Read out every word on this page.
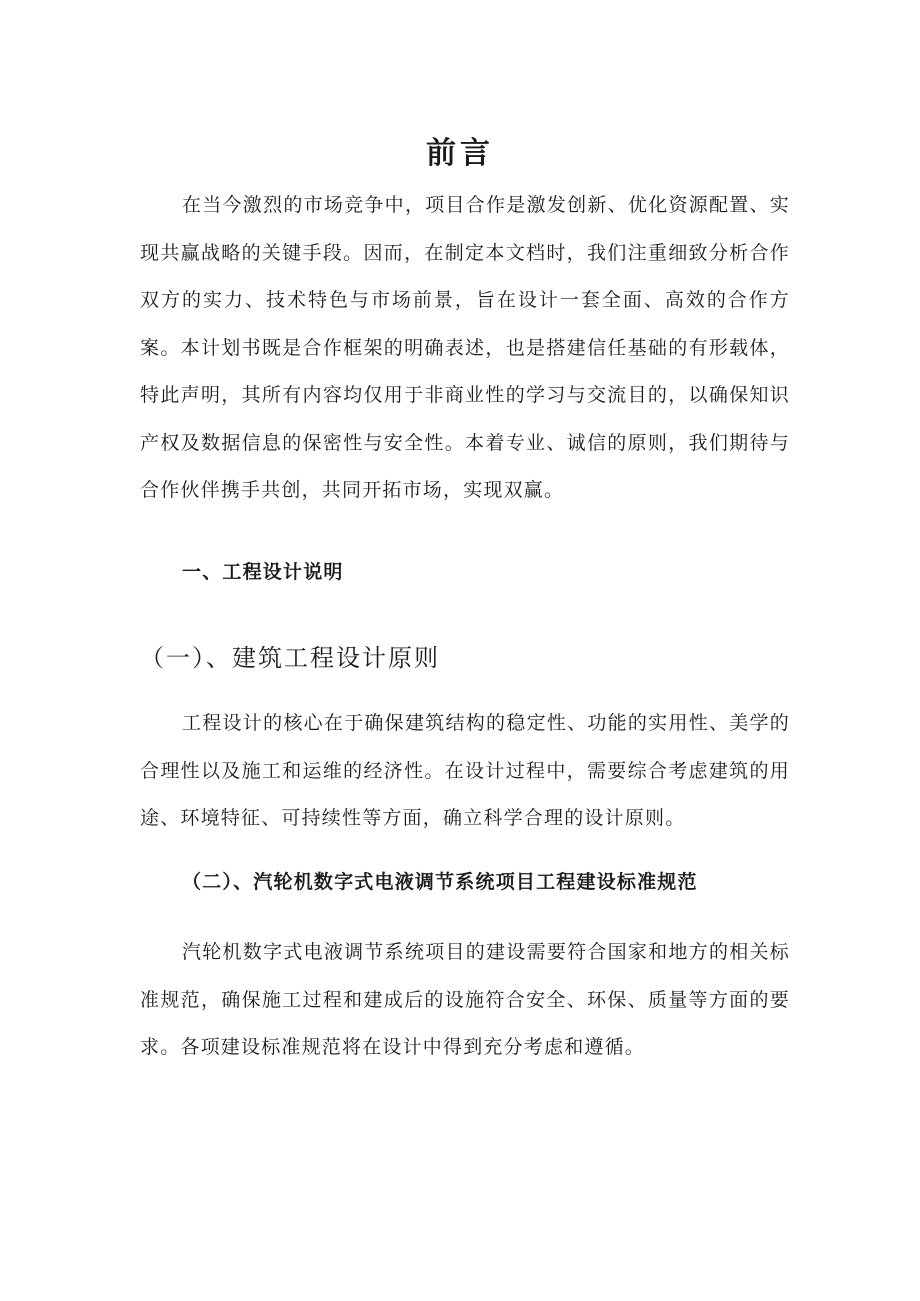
前言

在当今激烈的市场竞争中，项目合作是激发创新、优化资源配置、实现共赢战略的关键手段。因而，在制定本文档时，我们注重细致分析合作双方的实力、技术特色与市场前景，旨在设计一套全面、高效的合作方案。本计划书既是合作框架的明确表述，也是搭建信任基础的有形载体，特此声明，其所有内容均仅用于非商业性的学习与交流目的，以确保知识产权及数据信息的保密性与安全性。本着专业、诚信的原则，我们期待与合作伙伴携手共创，共同开拓市场，实现双赢。

一、工程设计说明
（一）、建筑工程设计原则

工程设计的核心在于确保建筑结构的稳定性、功能的实用性、美学的合理性以及施工和运维的经济性。在设计过程中，需要综合考虑建筑的用途、环境特征、可持续性等方面，确立科学合理的设计原则。

（二）、汽轮机数字式电液调节系统项目工程建设标准规范

汽轮机数字式电液调节系统项目的建设需要符合国家和地方的相关标准规范，确保施工过程和建成后的设施符合安全、环保、质量等方面的要求。各项建设标准规范将在设计中得到充分考虑和遵循。
